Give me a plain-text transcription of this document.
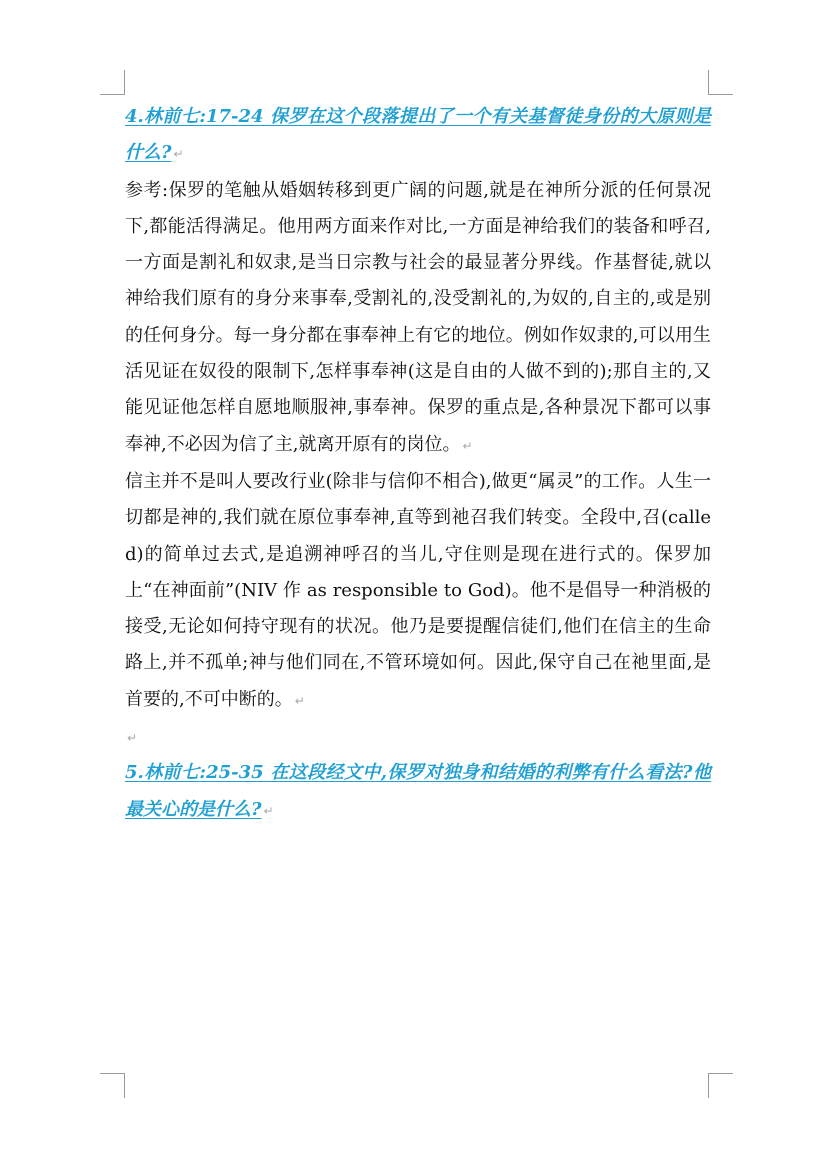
4.林前七:17-24 保罗在这个段落提出了一个有关基督徒身份的大原则是什么? ↵

参考:保罗的笔触从婚姻转移到更广阔的问题,就是在神所分派的任何景况下,都能活得满足。他用两方面来作对比,一方面是神给我们的装备和呼召,一方面是割礼和奴隶,是当日宗教与社会的最显著分界线。作基督徒,就以神给我们原有的身分来事奉,受割礼的,没受割礼的,为奴的,自主的,或是别的任何身分。每一身分都在事奉神上有它的地位。例如作奴隶的,可以用生活见证在奴役的限制下,怎样事奉神(这是自由的人做不到的);那自主的,又能见证他怎样自愿地顺服神,事奉神。保罗的重点是,各种景况下都可以事奉神,不必因为信了主,就离开原有的岗位。 ↵

信主并不是叫人要改行业(除非与信仰不相合),做更“属灵”的工作。人生一切都是神的,我们就在原位事奉神,直等到祂召我们转变。全段中,召(called)的简单过去式,是追溯神呼召的当儿,守住则是现在进行式的。保罗加上“在神面前”(NIV 作 as responsible to God)。他不是倡导一种消极的接受,无论如何持守现有的状况。他乃是要提醒信徒们,他们在信主的生命路上,并不孤单;神与他们同在,不管环境如何。因此,保守自己在祂里面,是首要的,不可中断的。 ↵

↵

5.林前七:25-35 在这段经文中,保罗对独身和结婚的利弊有什么看法?他最关心的是什么? ↵
